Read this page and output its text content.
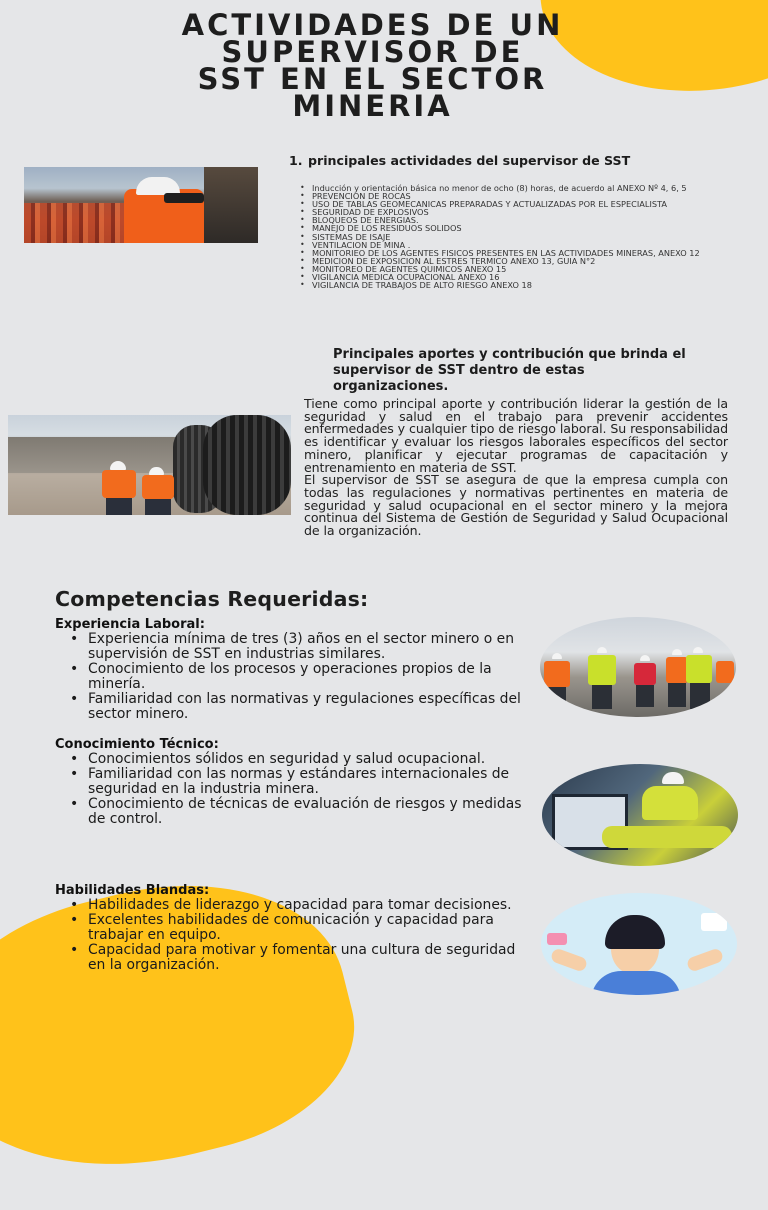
ACTIVIDADES DE UN
SUPERVISOR DE
SST EN EL SECTOR
MINERIA
1. principales actividades del supervisor de SST
• Inducción y orientación básica no menor de ocho (8) horas, de acuerdo al ANEXO Nº 4, 6, 5
• PREVENCION DE ROCAS
• USO DE TABLAS GEOMECANICAS PREPARADAS Y ACTUALIZADAS POR EL ESPECIALISTA
• SEGURIDAD DE EXPLOSIVOS
• BLOQUEOS DE ENERGIAS.
• MANEJO DE LOS RESIDUOS SOLIDOS
• SISTEMAS DE ISAJE
• VENTILACION DE MINA .
• MONITORIEO DE LOS AGENTES FISICOS PRESENTES EN LAS ACTIVIDADES MINERAS, ANEXO 12
• MEDICION DE EXPOSICION AL ESTRES TERMICO ANEXO 13, GUIA N°2
• MONITOREO DE AGENTES QUIMICOS ANEXO 15
• VIGILANCIA MEDICA OCUPACIONAL ANEXO 16
• VIGILANCIA DE TRABAJOS DE ALTO RIESGO ANEXO 18
Principales aportes y contribución que brinda el supervisor de SST dentro de estas organizaciones.
Tiene como principal aporte y contribución liderar la gestión de la seguridad y salud en el trabajo para prevenir accidentes enfermedades y cualquier tipo de riesgo laboral. Su responsabilidad es identificar y evaluar los riesgos laborales específicos del sector minero, planificar y ejecutar programas de capacitación y entrenamiento en materia de SST.
El supervisor de SST se asegura de que la empresa cumpla con todas las regulaciones y normativas pertinentes en materia de seguridad y salud ocupacional en el sector minero y la mejora continua del Sistema de Gestión de Seguridad y Salud Ocupacional de la organización.
Competencias Requeridas:
Experiencia Laboral:
• Experiencia mínima de tres (3) años en el sector minero o en supervisión de SST en industrias similares.
• Conocimiento de los procesos y operaciones propios de la minería.
• Familiaridad con las normativas y regulaciones específicas del sector minero.
Conocimiento Técnico:
• Conocimientos sólidos en seguridad y salud ocupacional.
• Familiaridad con las normas y estándares internacionales de seguridad en la industria minera.
• Conocimiento de técnicas de evaluación de riesgos y medidas de control.
Habilidades Blandas:
• Habilidades de liderazgo y capacidad para tomar decisiones.
• Excelentes habilidades de comunicación y capacidad para trabajar en equipo.
• Capacidad para motivar y fomentar una cultura de seguridad en la organización.
